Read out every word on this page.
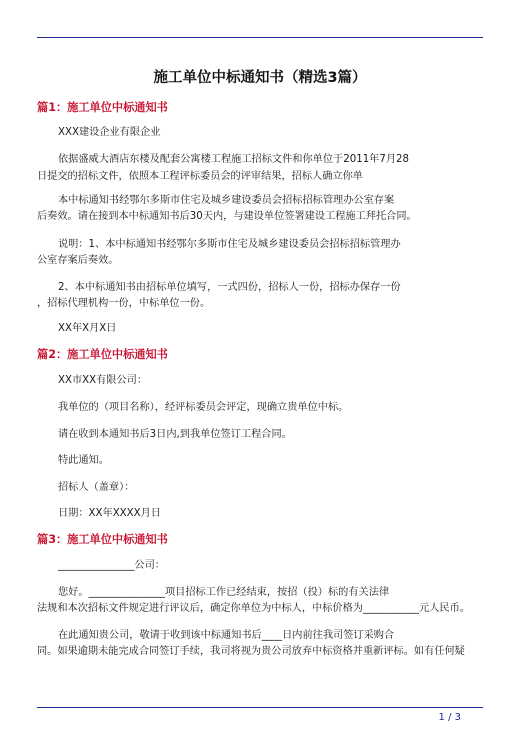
施工单位中标通知书（精选3篇）
篇1：施工单位中标通知书
XXX建设企业有限企业
依据盛威大酒店东楼及配套公寓楼工程施工招标文件和你单位于2011年7月28
日提交的招标文件，依照本工程评标委员会的评审结果，招标人确立你单
本中标通知书经鄂尔多斯市住宅及城乡建设委员会招标招标管理办公室存案
后奏效。请在接到本中标通知书后30天内，与建设单位签署建设工程施工拜托合同。
说明：1、本中标通知书经鄂尔多斯市住宅及城乡建设委员会招标招标管理办
公室存案后奏效。
2、本中标通知书由招标单位填写，一式四份，招标人一份，招标办保存一份
，招标代理机构一份，中标单位一份。
XX年X月X日
篇2：施工单位中标通知书
XX市XX有限公司：
我单位的（项目名称），经评标委员会评定，现确立贵单位中标。
请在收到本通知书后3日内,到我单位签订工程合同。
特此通知。
招标人（盖章）：
日期：XX年XXXX月日
篇3：施工单位中标通知书
_______________公司：
您好。_______________项目招标工作已经结束，按招（投）标的有关法律
法规和本次招标文件规定进行评议后，确定你单位为中标人，中标价格为___________元人民币。
在此通知贵公司，敬请于收到该中标通知书后____日内前往我司签订采购合
同。如果逾期未能完成合同签订手续，我司将视为贵公司放弃中标资格并重新评标。如有任何疑
1 / 3
